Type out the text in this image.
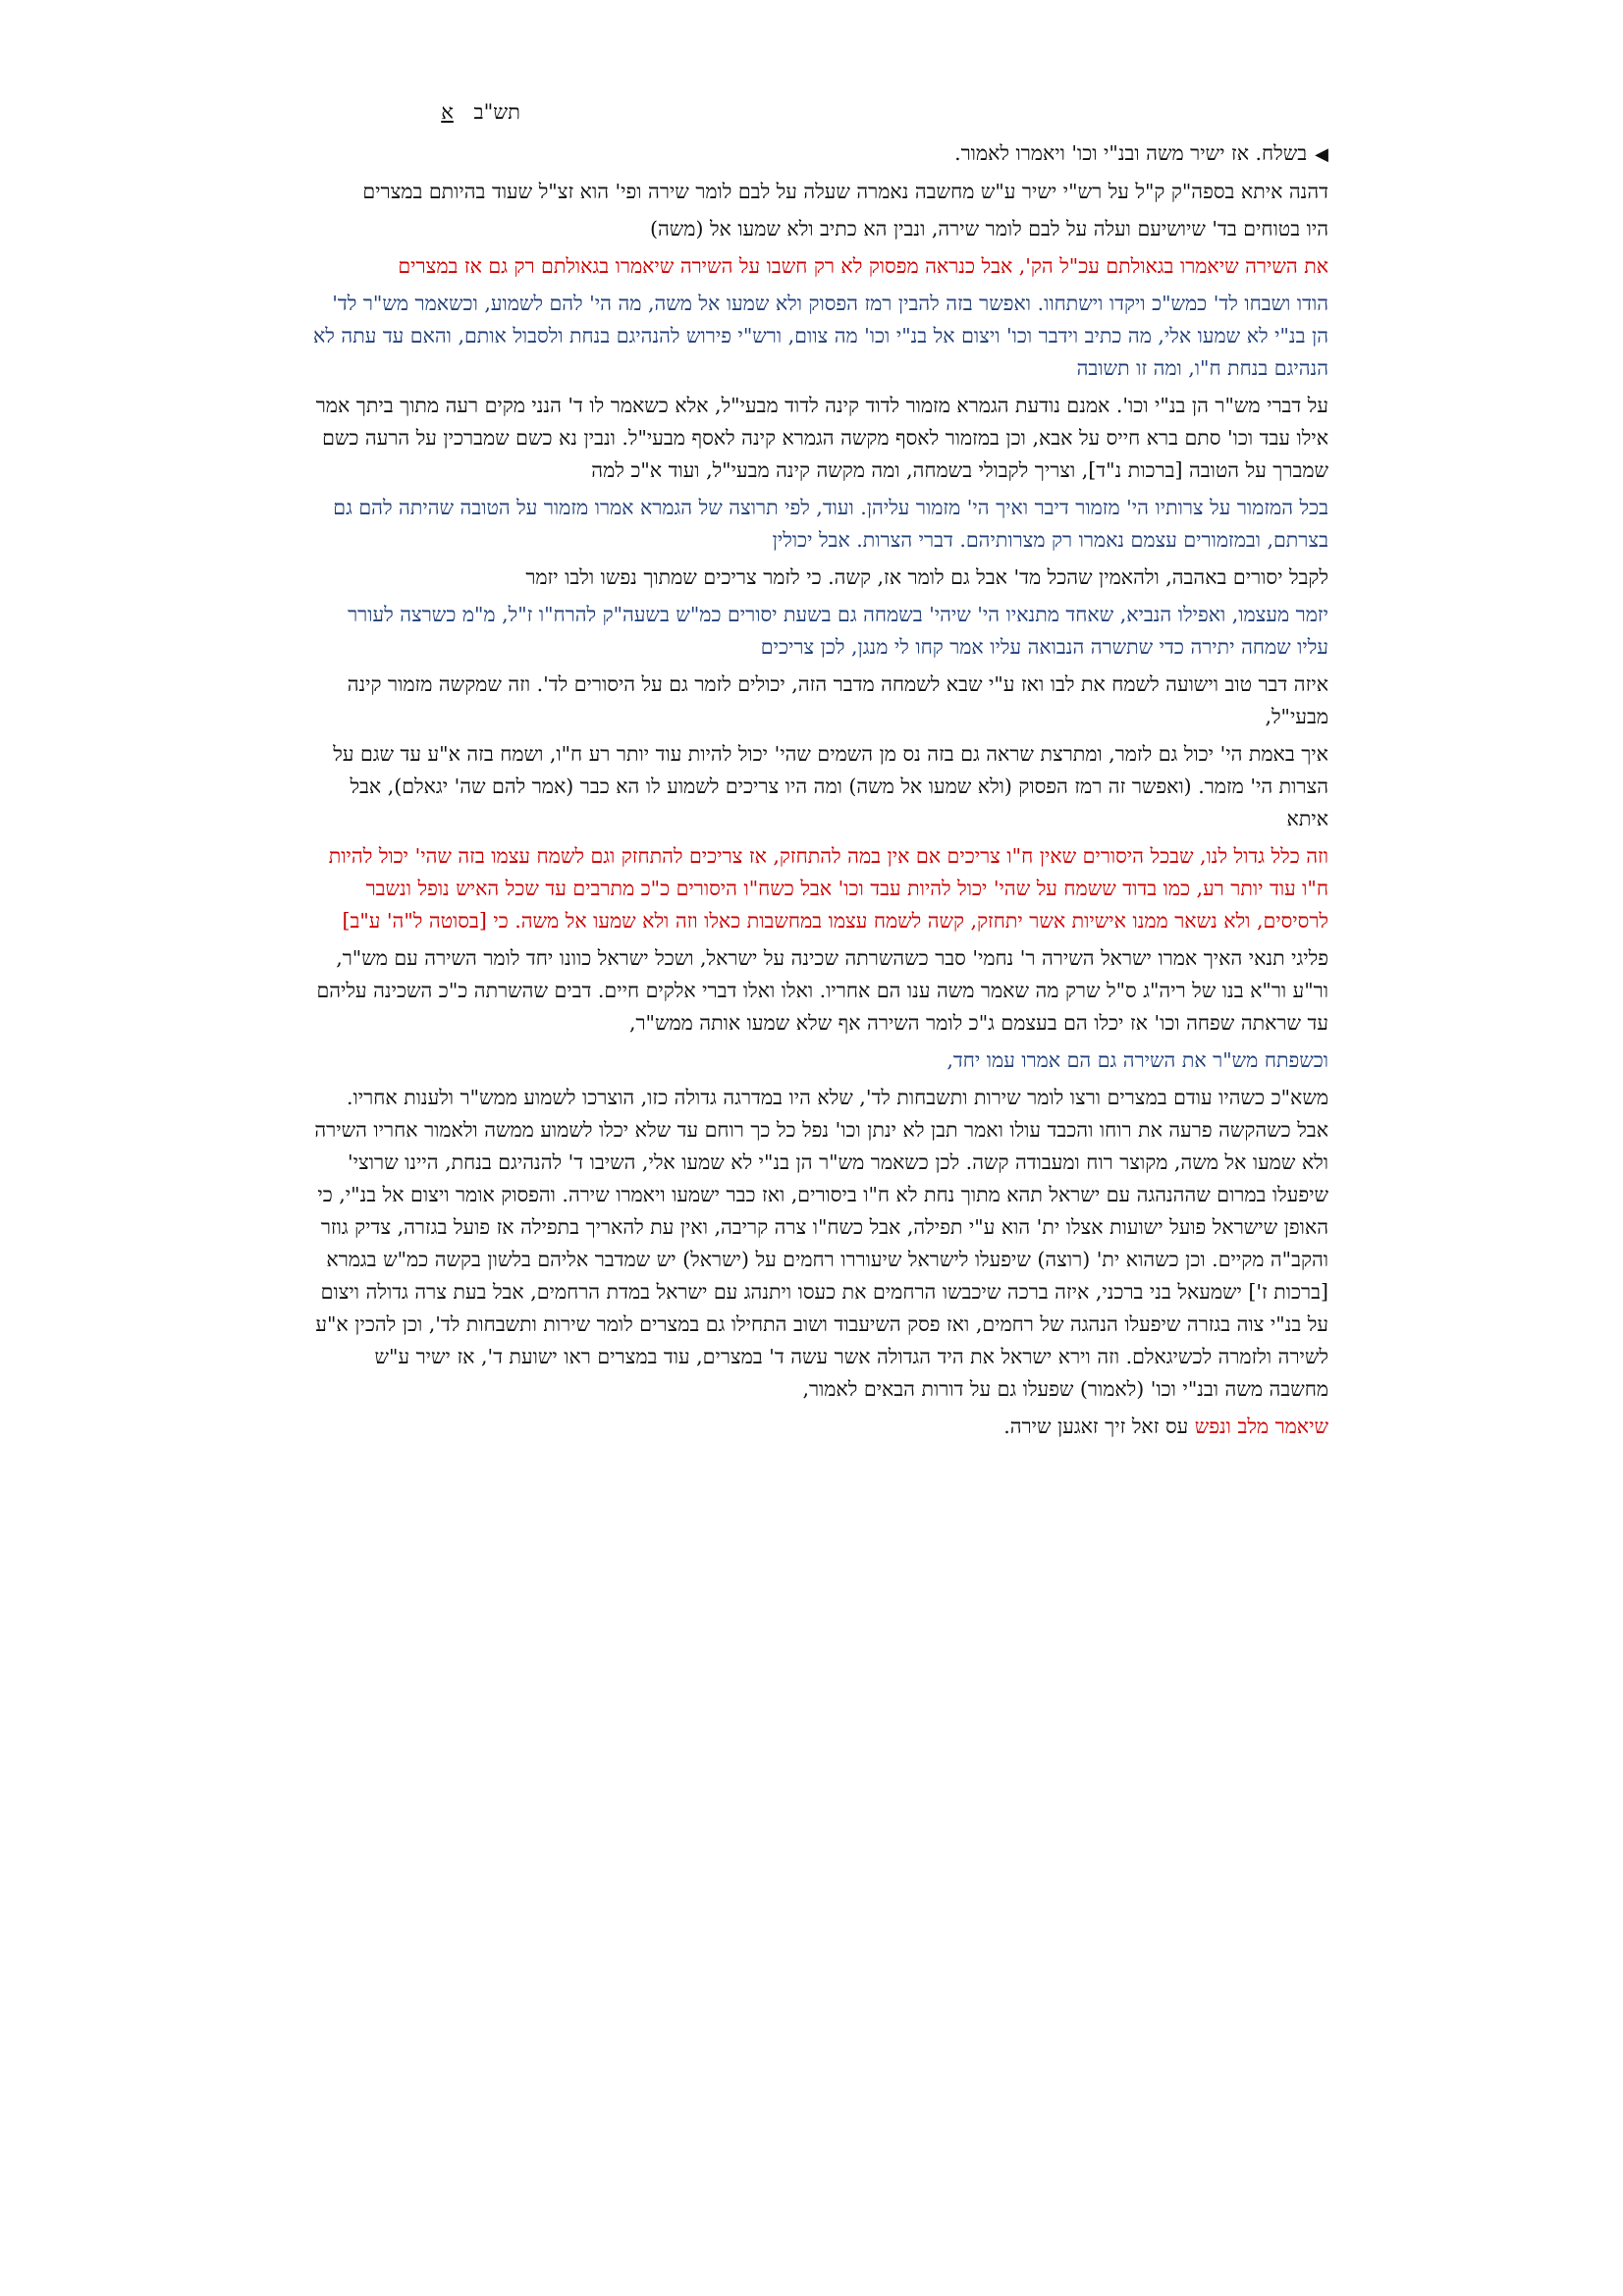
תש"ב א

◀בשלח. אז ישיר משה ובנ"י וכו' ויאמרו לאמור.

דהנה איתא בספה"ק ק"ל על רש"י ישיר ע"ש מחשבה נאמרה שעלה על לבם לומר שירה ופי' הוא זצ"ל שעוד בהיותם במצרים

היו בטוחים בד' שיושיעם ועלה על לבם לומר שירה, ונבין הא כתיב ולא שמעו אל (משה)

את השירה שיאמרו בגאולתם עכ"ל הק', אבל כנראה מפסוק לא רק חשבו על השירה שיאמרו בגאולתם רק גם אז במצרים

הודו ושבחו לד' כמש"כ ויקדו וישתחוו. ואפשר בזה להבין רמז הפסוק ולא שמעו אל משה, מה הי' להם לשמוע, וכשאמר מש"ר לד' הן בנ"י לא שמעו אלי, מה כתיב וידבר וכו' ויצום אל בנ"י וכו' מה צוום, ורש"י פירוש להנהיגם בנחת ולסבול אותם, והאם עד עתה לא הנהיגם בנחת ח"ו, ומה זו תשובה

על דברי מש"ר הן בנ"י וכו'. אמנם נודעת הגמרא מזמור לדוד קינה לדוד מבעי"ל, אלא כשאמר לו ד' הנני מקים רעה מתוך ביתך אמר אילו עבד וכו' סתם ברא חייס על אבא, וכן במזמור לאסף מקשה הגמרא קינה לאסף מבעי"ל. ונבין נא כשם שמברכין על הרעה כשם שמברך על הטובה [ברכות נ"ד], וצריך לקבולי בשמחה, ומה מקשה קינה מבעי"ל, ועוד א"כ למה

בכל המזמור על צרותיו הי' מזמור דיבר ואיך הי' מזמור עליהן. ועוד, לפי תרוצה של הגמרא אמרו מזמור על הטובה שהיתה להם גם בצרתם, ובמזמורים עצמם נאמרו רק מצרותיהם. דברי הצרות. אבל יכולין

לקבל יסורים באהבה, ולהאמין שהכל מד' אבל גם לומר אז, קשה. כי לזמר צריכים שמתוך נפשו ולבו יזמר

יזמר מעצמו, ואפילו הנביא, שאחד מתנאיו הי' שיהי' בשמחה גם בשעת יסורים כמ"ש בשעה"ק להרח"ו ז"ל, מ"מ כשרצה לעורר עליו שמחה יתירה כדי שתשרה הנבואה עליו אמר קחו לי מנגן, לכן צריכים

איזה דבר טוב וישועה לשמח את לבו ואז ע"י שבא לשמחה מדבר הזה, יכולים לזמר גם על היסורים לד'. וזה שמקשה מזמור קינה מבעי"ל,

איך באמת הי' יכול גם לזמר, ומתרצת שראה גם בזה נס מן השמים שהי' יכול להיות עוד יותר רע ח"ו, ושמח בזה א"ע עד שגם על הצרות הי' מזמר. (ואפשר זה רמז הפסוק (ולא שמעו אל משה) ומה היו צריכים לשמוע לו הא כבר (אמר להם שה' יגאלם), אבל איתא

וזה כלל גדול לנו, שבכל היסורים שאין ח"ו צריכים אם אין במה להתחזק, אז צריכים להתחזק וגם לשמח עצמו בזה שהי' יכול להיות ח"ו עוד יותר רע, כמו בדוד ששמח על שהי' יכול להיות עבד וכו' אבל כשח"ו היסורים כ"כ מתרבים עד שכל האיש נופל ונשבר לרסיסים, ולא נשאר ממנו אישיות אשר יתחזק, קשה לשמח עצמו במחשבות כאלו וזה ולא שמעו אל משה. כי [בסוטה ל"ה' ע"ב]

פליגי תנאי האיך אמרו ישראל השירה ר' נחמי' סבר כשהשרתה שכינה על ישראל, ושכל ישראל כוונו יחד לומר השירה עם מש"ר, ור"ע ור"א בנו של ריה"ג ס"ל שרק מה שאמר משה ענו הם אחריו. ואלו ואלו דברי אלקים חיים. דבים שהשרתה כ"כ השכינה עליהם עד שראתה שפחה וכו' אז יכלו הם בעצמם ג"כ לומר השירה אף שלא שמעו אותה ממש"ר,

וכשפתח מש"ר את השירה גם הם אמרו עמו יחד,

משא"כ כשהיו עודם במצרים ורצו לומר שירות ותשבחות לד', שלא היו במדרגה גדולה כזו, הוצרכו לשמוע ממש"ר ולענות אחריו. אבל כשהקשה פרעה את רוחו והכבד עולו ואמר תבן לא ינתן וכו' נפל כל כך רוחם עד שלא יכלו לשמוע ממשה ולאמור אחריו השירה ולא שמעו אל משה, מקוצר רוח ומעבודה קשה. לכן כשאמר מש"ר הן בנ"י לא שמעו אלי, השיבו ד' להנהיגם בנחת, היינו שרוצי' שיפעלו במרום שההנהגה עם ישראל תהא מתוך נחת לא ח"ו ביסורים, ואז כבר ישמעו ויאמרו שירה. והפסוק אומר ויצום אל בנ"י, כי האופן שישראל פועל ישועות אצלו ית' הוא ע"י תפילה, אבל כשח"ו צרה קריבה, ואין עת להאריך בתפילה אז פועל בגזרה, צדיק גוזר והקב"ה מקיים. וכן כשהוא ית' (רוצה) שיפעלו לישראל שיעוררו רחמים על (ישראל) יש שמדבר אליהם בלשון בקשה כמ"ש בגמרא [ברכות ז'] ישמעאל בני ברכני, איזה ברכה שיכבשו הרחמים את כעסו ויתנהג עם ישראל במדת הרחמים, אבל בעת צרה גדולה ויצום על בנ"י צוה בגזרה שיפעלו הנהגה של רחמים, ואז פסק השיעבוד ושוב התחילו גם במצרים לומר שירות ותשבחות לד', וכן להכין א"ע לשירה ולזמרה לכשיגאלם. וזה וירא ישראל את היד הגדולה אשר עשה ד' במצרים, עוד במצרים ראו ישועת ד', אז ישיר ע"ש מחשבה משה ובנ"י וכו' (לאמור) שפעלו גם על דורות הבאים לאמור,

שיאמר מלב ונפש עס זאל זיך זאגען שירה.
